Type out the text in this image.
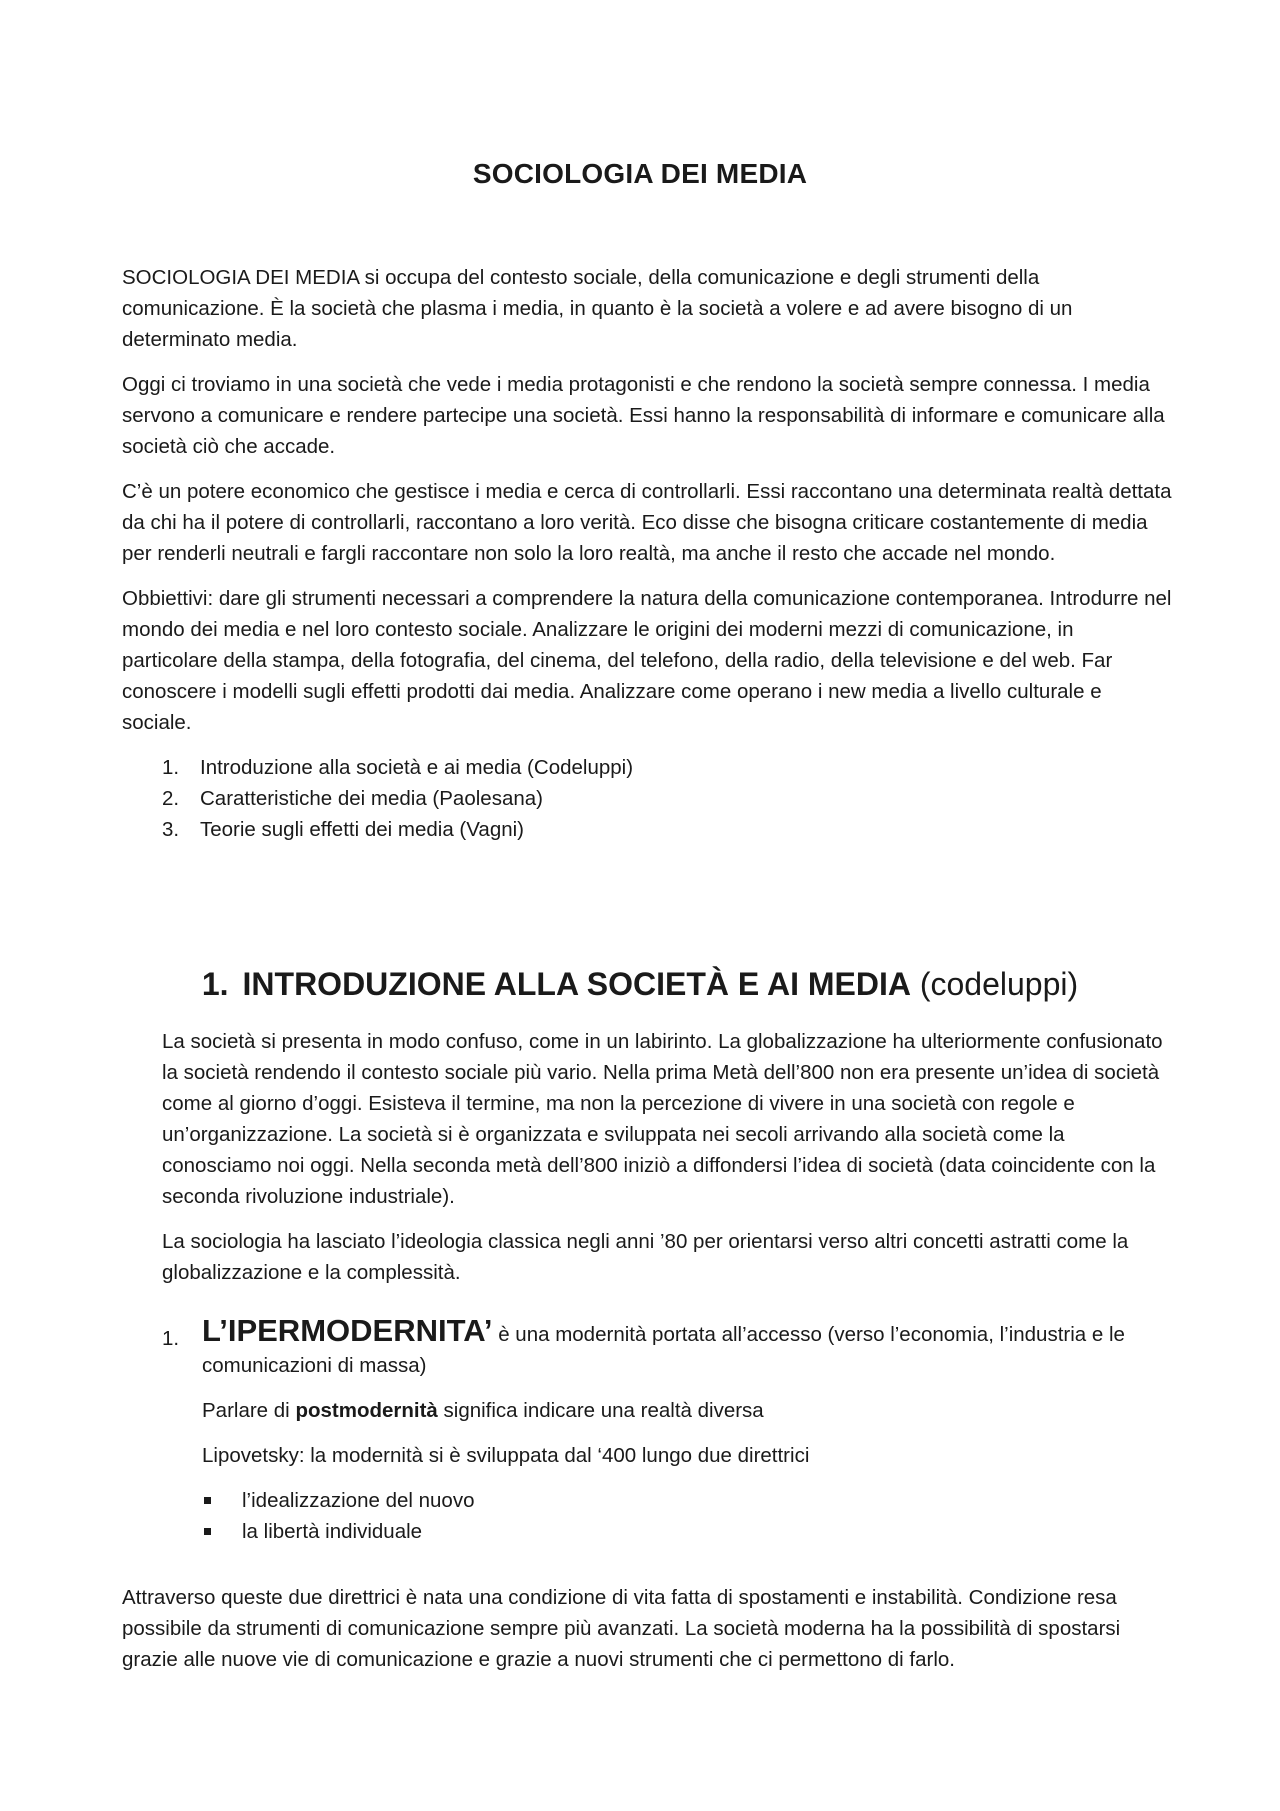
SOCIOLOGIA DEI MEDIA

SOCIOLOGIA DEI MEDIA si occupa del contesto sociale, della comunicazione e degli strumenti della comunicazione. È la società che plasma i media, in quanto è la società a volere e ad avere bisogno di un determinato media.

Oggi ci troviamo in una società che vede i media protagonisti e che rendono la società sempre connessa. I media servono a comunicare e rendere partecipe una società. Essi hanno la responsabilità di informare e comunicare alla società ciò che accade.

C’è un potere economico che gestisce i media e cerca di controllarli. Essi raccontano una determinata realtà dettata da chi ha il potere di controllarli, raccontano a loro verità. Eco disse che bisogna criticare costantemente di media per renderli neutrali e fargli raccontare non solo la loro realtà, ma anche il resto che accade nel mondo.

Obbiettivi: dare gli strumenti necessari a comprendere la natura della comunicazione contemporanea. Introdurre nel mondo dei media e nel loro contesto sociale. Analizzare le origini dei moderni mezzi di comunicazione, in particolare della stampa, della fotografia, del cinema, del telefono, della radio, della televisione e del web. Far conoscere i modelli sugli effetti prodotti dai media. Analizzare come operano i new media a livello culturale e sociale.

1. Introduzione alla società e ai media (Codeluppi)
2. Caratteristiche dei media (Paolesana)
3. Teorie sugli effetti dei media (Vagni)
1. INTRODUZIONE ALLA SOCIETÀ E AI MEDIA (codeluppi)

La società si presenta in modo confuso, come in un labirinto. La globalizzazione ha ulteriormente confusionato la società rendendo il contesto sociale più vario. Nella prima Metà dell’800 non era presente un’idea di società come al giorno d’oggi. Esisteva il termine, ma non la percezione di vivere in una società con regole e un’organizzazione. La società si è organizzata e sviluppata nei secoli arrivando alla società come la conosciamo noi oggi. Nella seconda metà dell’800 iniziò a diffondersi l’idea di società (data coincidente con la seconda rivoluzione industriale).

La sociologia ha lasciato l’ideologia classica negli anni ’80 per orientarsi verso altri concetti astratti come la globalizzazione e la complessità.

1. L’IPERMODERNITA’ è una modernità portata all’accesso (verso l’economia, l’industria e le comunicazioni di massa)

Parlare di postmodernità significa indicare una realtà diversa

Lipovetsky: la modernità si è sviluppata dal ‘400 lungo due direttrici

l’idealizzazione del nuovo
la libertà individuale

Attraverso queste due direttrici è nata una condizione di vita fatta di spostamenti e instabilità. Condizione resa possibile da strumenti di comunicazione sempre più avanzati. La società moderna ha la possibilità di spostarsi grazie alle nuove vie di comunicazione e grazie a nuovi strumenti che ci permettono di farlo.
